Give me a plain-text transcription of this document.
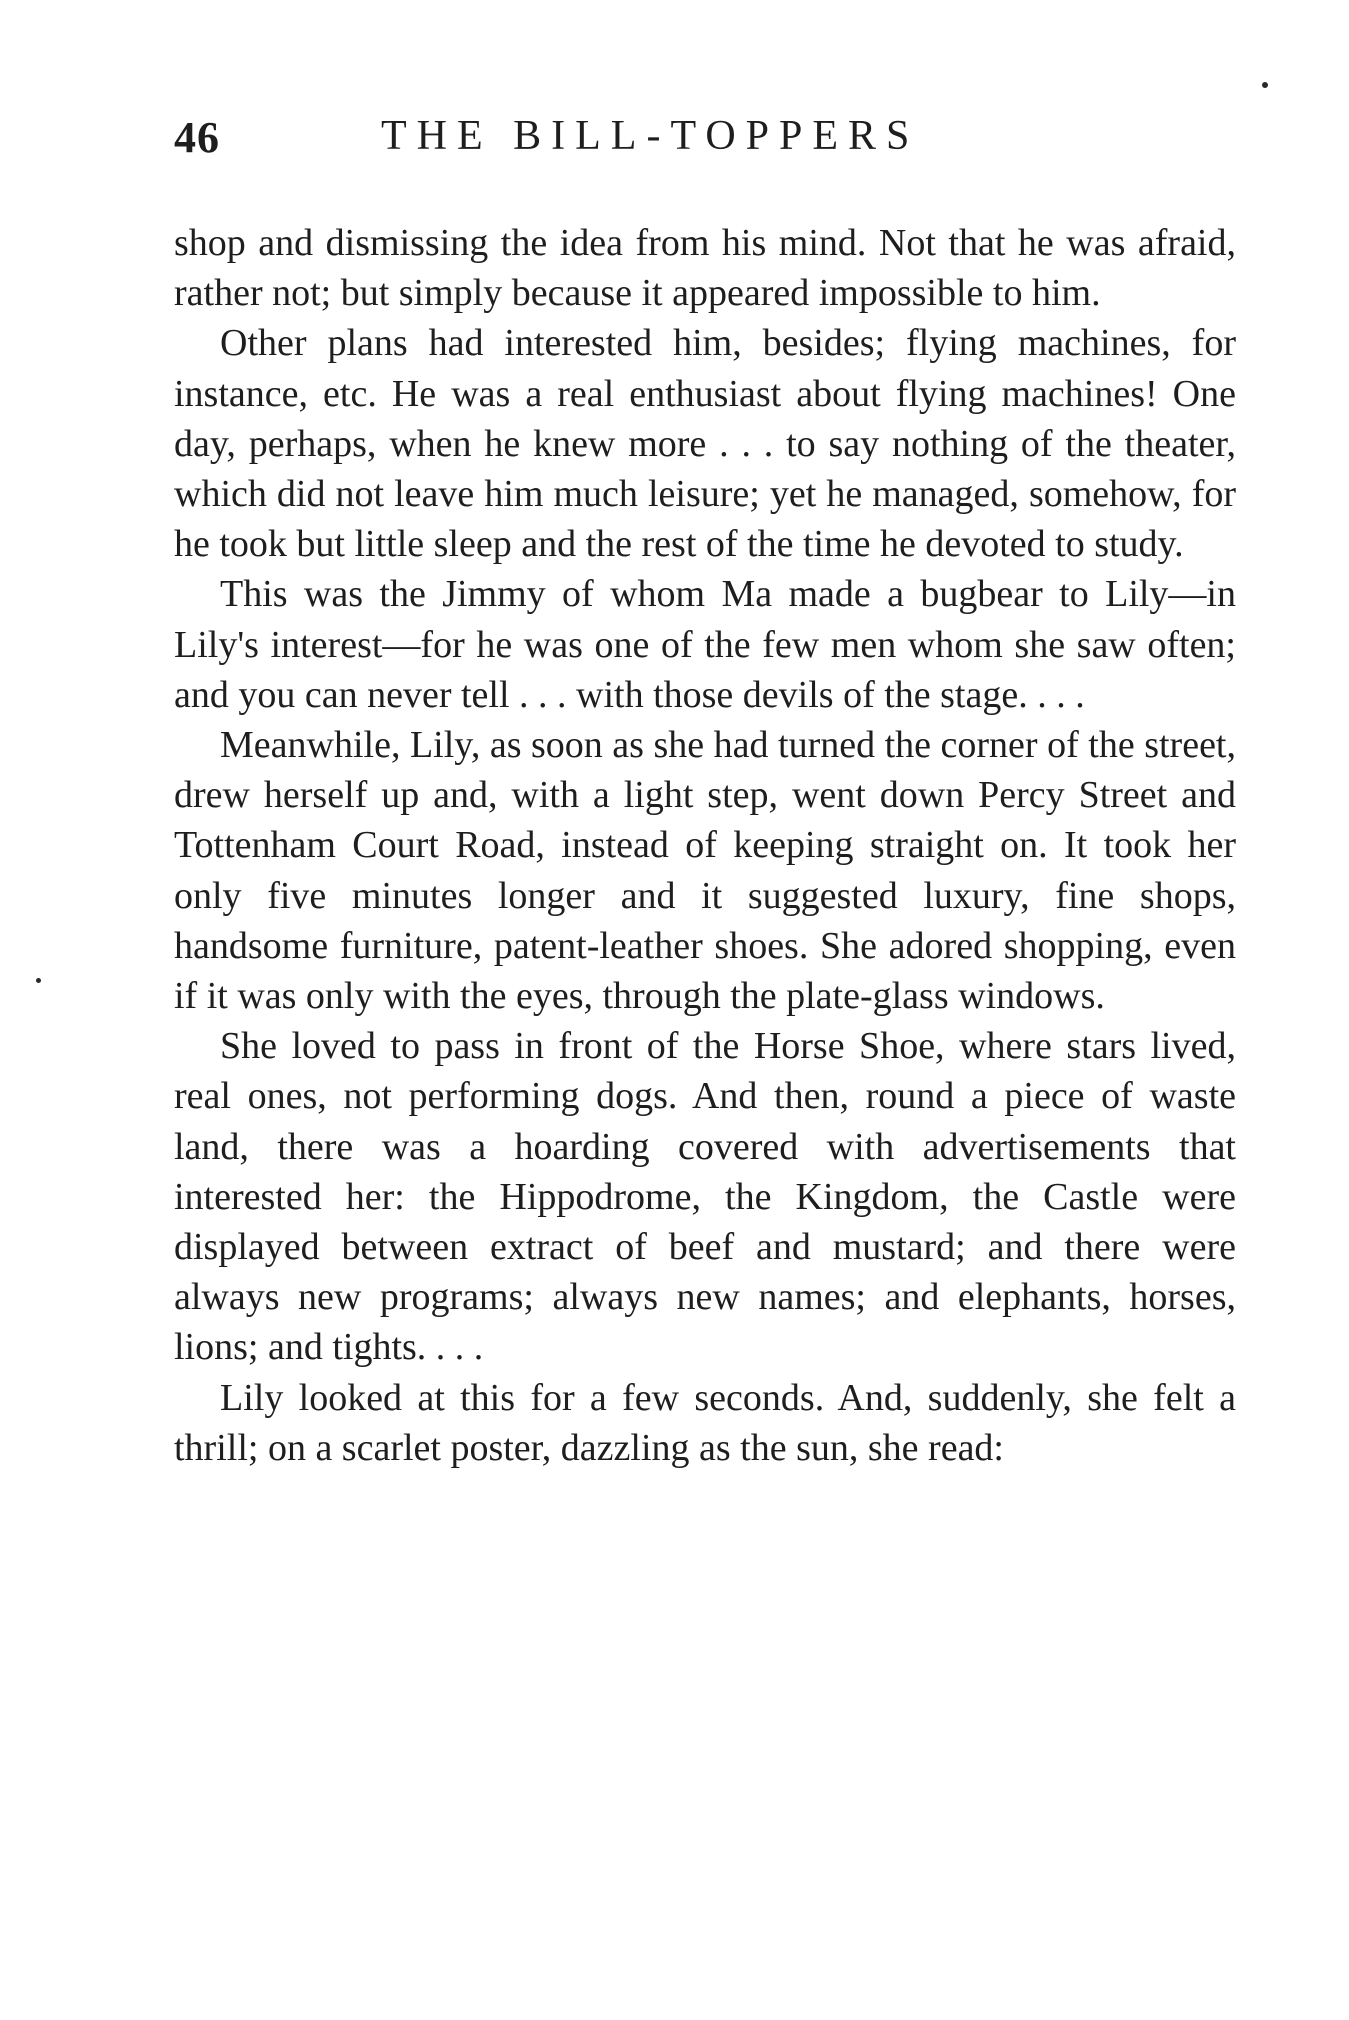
46	THE BILL-TOPPERS

shop and dismissing the idea from his mind. Not that he was afraid, rather not; but simply because it appeared impossible to him.

Other plans had interested him, besides; flying machines, for instance, etc. He was a real enthusiast about flying machines! One day, perhaps, when he knew more . . . to say nothing of the theater, which did not leave him much leisure; yet he managed, somehow, for he took but little sleep and the rest of the time he devoted to study.

This was the Jimmy of whom Ma made a bugbear to Lily—in Lily's interest—for he was one of the few men whom she saw often; and you can never tell . . . with those devils of the stage. . . .

Meanwhile, Lily, as soon as she had turned the corner of the street, drew herself up and, with a light step, went down Percy Street and Tottenham Court Road, instead of keeping straight on. It took her only five minutes longer and it suggested luxury, fine shops, handsome furniture, patent-leather shoes. She adored shopping, even if it was only with the eyes, through the plate-glass windows.

She loved to pass in front of the Horse Shoe, where stars lived, real ones, not performing dogs. And then, round a piece of waste land, there was a hoarding covered with advertisements that interested her: the Hippodrome, the Kingdom, the Castle were displayed between extract of beef and mustard; and there were always new programs; always new names; and elephants, horses, lions; and tights. . . .

Lily looked at this for a few seconds. And, suddenly, she felt a thrill; on a scarlet poster, dazzling as the sun, she read:
